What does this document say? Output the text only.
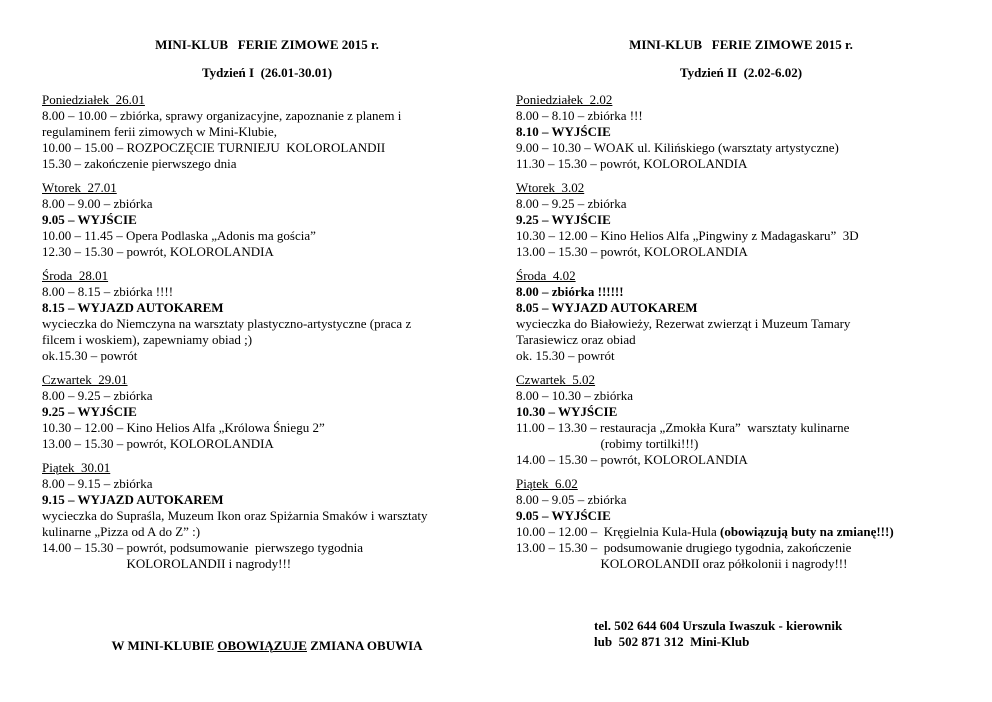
MINI-KLUB   FERIE ZIMOWE 2015 r.

Tydzień I  (26.01-30.01)

Poniedziałek  26.01

8.00 – 10.00 – zbiórka, sprawy organizacyjne, zapoznanie z planem i

regulaminem ferii zimowych w Mini-Klubie,

10.00 – 15.00 – ROZPOCZĘCIE TURNIEJU  KOLOROLANDII

15.30 – zakończenie pierwszego dnia

Wtorek  27.01

8.00 – 9.00 – zbiórka

9.05 – WYJŚCIE

10.00 – 11.45 – Opera Podlaska „Adonis ma gościa”

12.30 – 15.30 – powrót, KOLOROLANDIA

Środa  28.01

8.00 – 8.15 – zbiórka !!!!

8.15 – WYJAZD AUTOKAREM

wycieczka do Niemczyna na warsztaty plastyczno-artystyczne (praca z

filcem i woskiem), zapewniamy obiad ;)

ok.15.30 – powrót

Czwartek  29.01

8.00 – 9.25 – zbiórka

9.25 – WYJŚCIE

10.30 – 12.00 – Kino Helios Alfa „Królowa Śniegu 2”

13.00 – 15.30 – powrót, KOLOROLANDIA

Piątek  30.01

8.00 – 9.15 – zbiórka

9.15 – WYJAZD AUTOKAREM

wycieczka do Supraśla, Muzeum Ikon oraz Spiżarnia Smaków i warsztaty

kulinarne „Pizza od A do Z” :)

14.00 – 15.30 – powrót, podsumowanie  pierwszego tygodnia

KOLOROLANDII i nagrody!!!

W MINI-KLUBIE OBOWIĄZUJE ZMIANA OBUWIA

MINI-KLUB   FERIE ZIMOWE 2015 r.

Tydzień II  (2.02-6.02)

Poniedziałek  2.02

8.00 – 8.10 – zbiórka !!!

8.10 – WYJŚCIE

9.00 – 10.30 – WOAK ul. Kilińskiego (warsztaty artystyczne)

11.30 – 15.30 – powrót, KOLOROLANDIA

Wtorek  3.02

8.00 – 9.25 – zbiórka

9.25 – WYJŚCIE

10.30 – 12.00 – Kino Helios Alfa „Pingwiny z Madagaskaru”  3D

13.00 – 15.30 – powrót, KOLOROLANDIA

Środa  4.02

8.00 – zbiórka !!!!!!

8.05 – WYJAZD AUTOKAREM

wycieczka do Białowieży, Rezerwat zwierząt i Muzeum Tamary

Tarasiewicz oraz obiad

ok. 15.30 – powrót

Czwartek  5.02

8.00 – 10.30 – zbiórka

10.30 – WYJŚCIE

11.00 – 13.30 – restauracja „Zmokła Kura”  warsztaty kulinarne

(robimy tortilki!!!)

14.00 – 15.30 – powrót, KOLOROLANDIA

Piątek  6.02

8.00 – 9.05 – zbiórka

9.05 – WYJŚCIE

10.00 – 12.00 –  Kręgielnia Kula-Hula (obowiązują buty na zmianę!!!)

13.00 – 15.30 –  podsumowanie drugiego tygodnia, zakończenie

KOLOROLANDII oraz półkolonii i nagrody!!!

tel. 502 644 604 Urszula Iwaszuk - kierownik

lub  502 871 312  Mini-Klub
